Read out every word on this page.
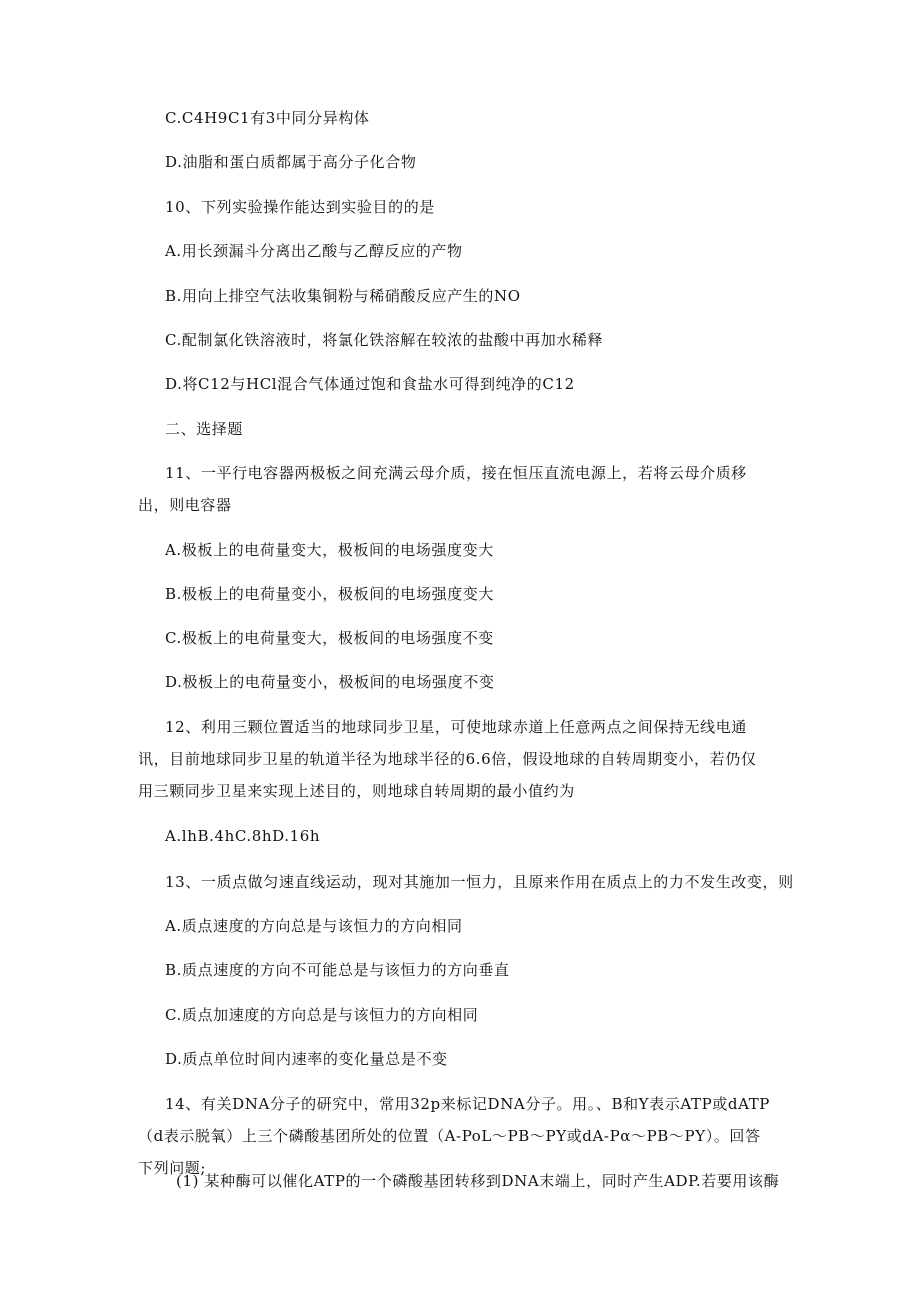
C.C4H9C1有3中同分异构体
D.油脂和蛋白质都属于高分子化合物
10、下列实验操作能达到实验目的的是
A.用长颈漏斗分离出乙酸与乙醇反应的产物
B.用向上排空气法收集铜粉与稀硝酸反应产生的NO
C.配制氯化铁溶液时，将氯化铁溶解在较浓的盐酸中再加水稀释
D.将C12与HCl混合气体通过饱和食盐水可得到纯净的C12
二、选择题
11、一平行电容器两极板之间充满云母介质，接在恒压直流电源上，若将云母介质移出，则电容器
A.极板上的电荷量变大，极板间的电场强度变大
B.极板上的电荷量变小，极板间的电场强度变大
C.极板上的电荷量变大，极板间的电场强度不变
D.极板上的电荷量变小，极板间的电场强度不变
12、利用三颗位置适当的地球同步卫星，可使地球赤道上任意两点之间保持无线电通讯，目前地球同步卫星的轨道半径为地球半径的6.6倍，假设地球的自转周期变小，若仍仅用三颗同步卫星来实现上述目的，则地球自转周期的最小值约为
A.lhB.4hC.8hD.16h
13、一质点做匀速直线运动，现对其施加一恒力，且原来作用在质点上的力不发生改变，则
A.质点速度的方向总是与该恒力的方向相同
B.质点速度的方向不可能总是与该恒力的方向垂直
C.质点加速度的方向总是与该恒力的方向相同
D.质点单位时间内速率的变化量总是不变
14、有关DNA分子的研究中，常用32p来标记DNA分子。用。、B和Y表示ATP或dATP（d表示脱氧）上三个磷酸基团所处的位置（A-PoL～PB～PY或dA-Pα～PB～PY）。回答下列问题;
(1) 某种酶可以催化ATP的一个磷酸基团转移到DNA末端上，同时产生ADP.若要用该酶
